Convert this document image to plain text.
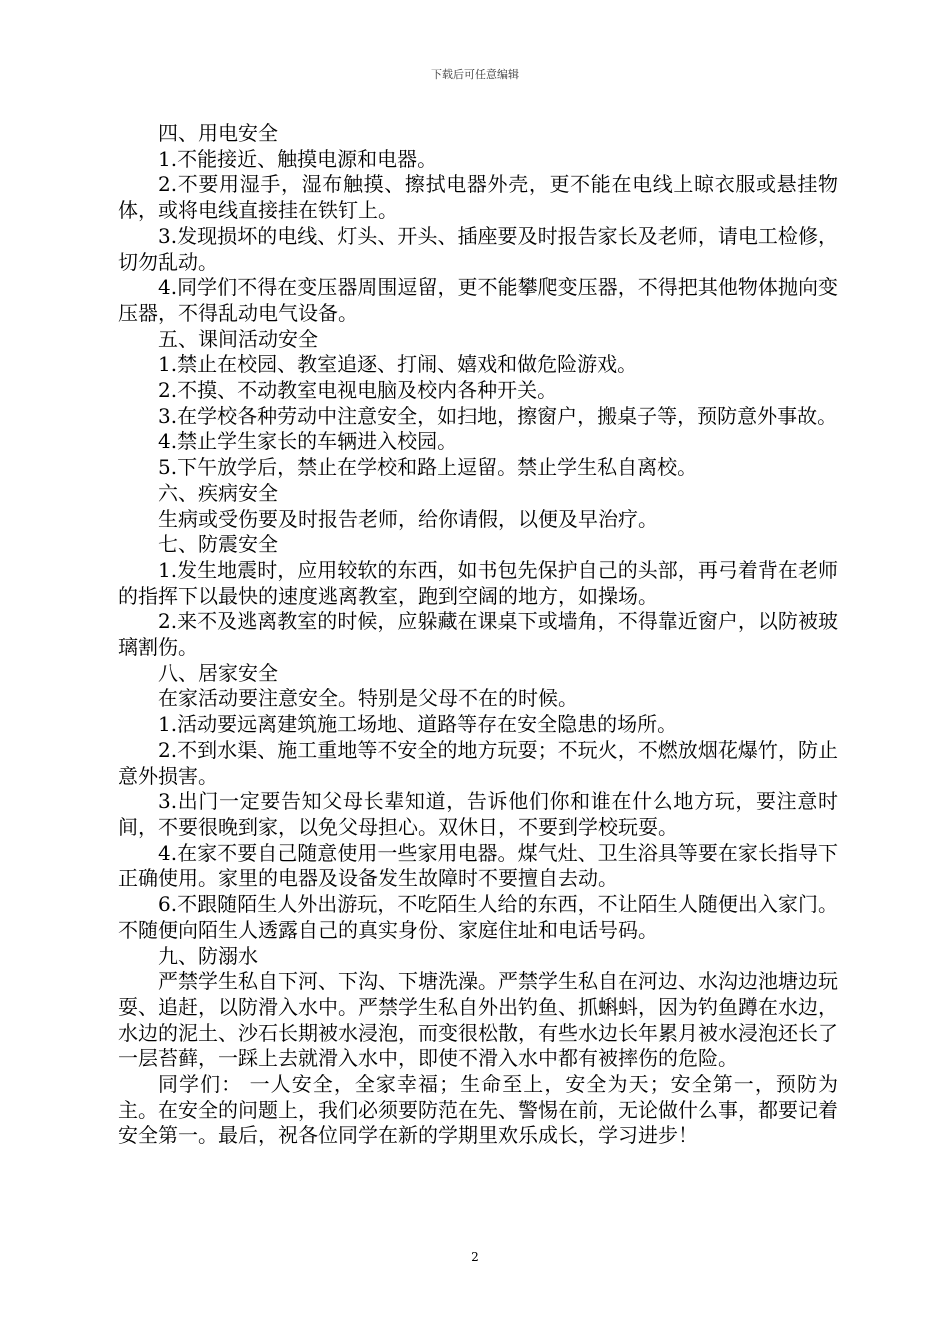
下载后可任意编辑

四、用电安全

1.不能接近、触摸电源和电器。

2.不要用湿手，湿布触摸、擦拭电器外壳，更不能在电线上晾衣服或悬挂物体，或将电线直接挂在铁钉上。

3.发现损坏的电线、灯头、开头、插座要及时报告家长及老师，请电工检修，切勿乱动。

4.同学们不得在变压器周围逗留，更不能攀爬变压器，不得把其他物体抛向变压器，不得乱动电气设备。

五、课间活动安全

1.禁止在校园、教室追逐、打闹、嬉戏和做危险游戏。

2.不摸、不动教室电视电脑及校内各种开关。

3.在学校各种劳动中注意安全，如扫地，擦窗户，搬桌子等，预防意外事故。

4.禁止学生家长的车辆进入校园。

5.下午放学后，禁止在学校和路上逗留。禁止学生私自离校。

六、疾病安全

生病或受伤要及时报告老师，给你请假，以便及早治疗。

七、防震安全

1.发生地震时，应用较软的东西，如书包先保护自己的头部，再弓着背在老师的指挥下以最快的速度逃离教室，跑到空阔的地方，如操场。

2.来不及逃离教室的时候，应躲藏在课桌下或墙角，不得靠近窗户，以防被玻璃割伤。

八、居家安全

在家活动要注意安全。特别是父母不在的时候。

1.活动要远离建筑施工场地、道路等存在安全隐患的场所。

2.不到水渠、施工重地等不安全的地方玩耍；不玩火，不燃放烟花爆竹，防止意外损害。

3.出门一定要告知父母长辈知道，告诉他们你和谁在什么地方玩，要注意时间，不要很晚到家，以免父母担心。双休日，不要到学校玩耍。

4.在家不要自己随意使用一些家用电器。煤气灶、卫生浴具等要在家长指导下正确使用。家里的电器及设备发生故障时不要擅自去动。

6.不跟随陌生人外出游玩，不吃陌生人给的东西，不让陌生人随便出入家门。不随便向陌生人透露自己的真实身份、家庭住址和电话号码。

九、防溺水

严禁学生私自下河、下沟、下塘洗澡。严禁学生私自在河边、水沟边池塘边玩耍、追赶，以防滑入水中。严禁学生私自外出钓鱼、抓蝌蚪，因为钓鱼蹲在水边，水边的泥土、沙石长期被水浸泡，而变很松散，有些水边长年累月被水浸泡还长了一层苔藓，一踩上去就滑入水中，即使不滑入水中都有被摔伤的危险。

同学们： 一人安全，全家幸福；生命至上，安全为天；安全第一，预防为主。在安全的问题上，我们必须要防范在先、警惕在前，无论做什么事，都要记着安全第一。最后，祝各位同学在新的学期里欢乐成长，学习进步！

2
